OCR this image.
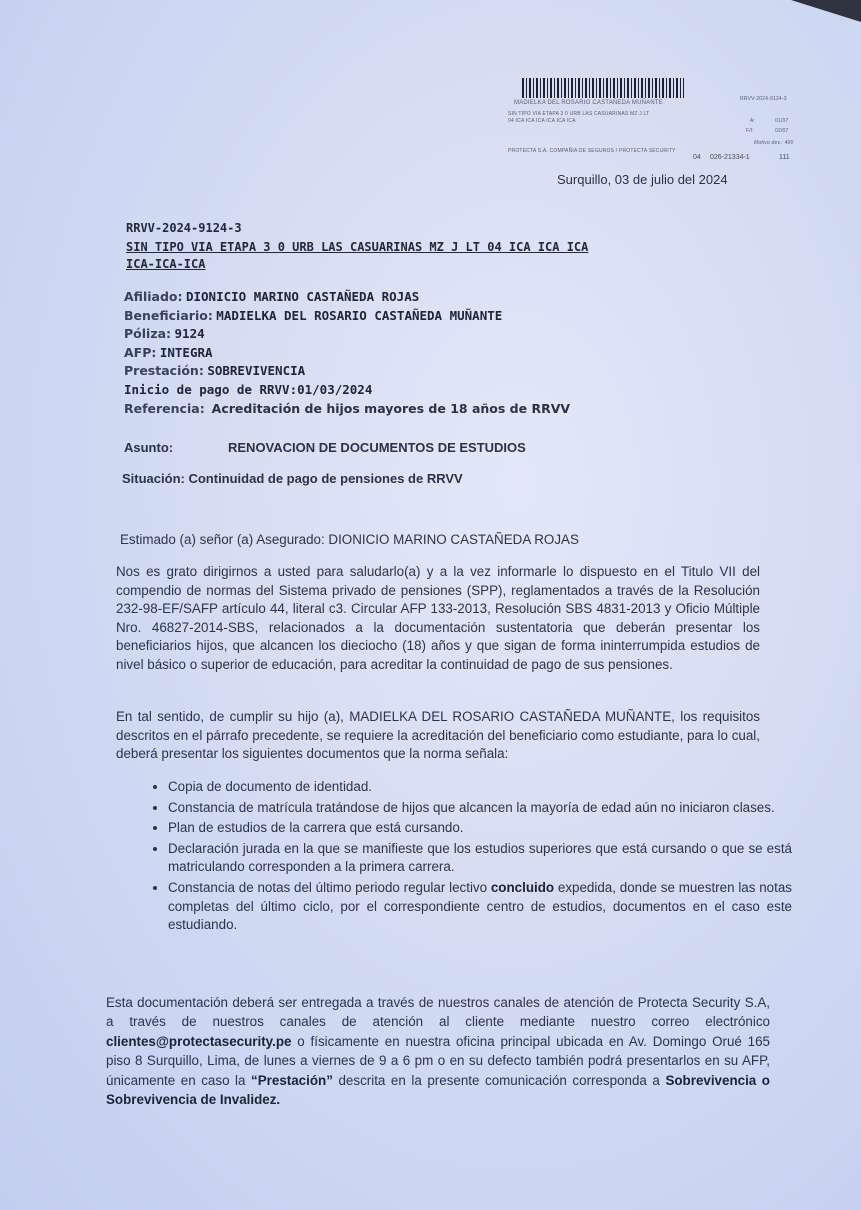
MADIELKA DEL ROSARIO CASTAÑEDA MUÑANTE
SIN TIPO VIA ETAPA 3 0 URB LAS CASUARINAS MZ J LT
04 ICA ICA ICA ICA ICA ICA
PROTECTA S.A. COMPAÑIA DE SEGUROS / PROTECTA SECURITY
RRVV-2024-9124-3
A:	01/07
F/I:	02/07
Motivo dev.: 400
04 026-21334-1	111
Surquillo, 03 de julio del 2024
RRVV-2024-9124-3
SIN TIPO VIA ETAPA 3 0 URB LAS CASUARINAS MZ J LT 04 ICA ICA ICA
ICA-ICA-ICA
Afiliado: DIONICIO MARINO CASTAÑEDA ROJAS
Beneficiario: MADIELKA DEL ROSARIO CASTAÑEDA MUÑANTE
Póliza: 9124
AFP: INTEGRA
Prestación: SOBREVIVENCIA
Inicio de pago de RRVV:01/03/2024
Referencia: Acreditación de hijos mayores de 18 años de RRVV
Asunto:	RENOVACION DE DOCUMENTOS DE ESTUDIOS
Situación: Continuidad de pago de pensiones de RRVV
Estimado (a) señor (a) Asegurado: DIONICIO MARINO CASTAÑEDA ROJAS
Nos es grato dirigirnos a usted para saludarlo(a) y a la vez informarle lo dispuesto en el Titulo VII del compendio de normas del Sistema privado de pensiones (SPP), reglamentados a través de la Resolución 232-98-EF/SAFP artículo 44, literal c3. Circular AFP 133-2013, Resolución SBS 4831-2013 y Oficio Múltiple Nro. 46827-2014-SBS, relacionados a la documentación sustentatoria que deberán presentar los beneficiarios hijos, que alcancen los dieciocho (18) años y que sigan de forma ininterrumpida estudios de nivel básico o superior de educación, para acreditar la continuidad de pago de sus pensiones.
En tal sentido, de cumplir su hijo (a), MADIELKA DEL ROSARIO CASTAÑEDA MUÑANTE, los requisitos descritos en el párrafo precedente, se requiere la acreditación del beneficiario como estudiante, para lo cual, deberá presentar los siguientes documentos que la norma señala:
• Copia de documento de identidad.
• Constancia de matrícula tratándose de hijos que alcancen la mayoría de edad aún no iniciaron clases.
• Plan de estudios de la carrera que está cursando.
• Declaración jurada en la que se manifieste que los estudios superiores que está cursando o que se está matriculando corresponden a la primera carrera.
• Constancia de notas del último periodo regular lectivo concluido expedida, donde se muestren las notas completas del último ciclo, por el correspondiente centro de estudios, documentos en el caso este estudiando.
Esta documentación deberá ser entregada a través de nuestros canales de atención de Protecta Security S.A, a través de nuestros canales de atención al cliente mediante nuestro correo electrónico clientes@protectasecurity.pe o físicamente en nuestra oficina principal ubicada en Av. Domingo Orué 165 piso 8 Surquillo, Lima, de lunes a viernes de 9 a 6 pm o en su defecto también podrá presentarlos en su AFP, únicamente en caso la “Prestación” descrita en la presente comunicación corresponda a Sobrevivencia o Sobrevivencia de Invalidez.
